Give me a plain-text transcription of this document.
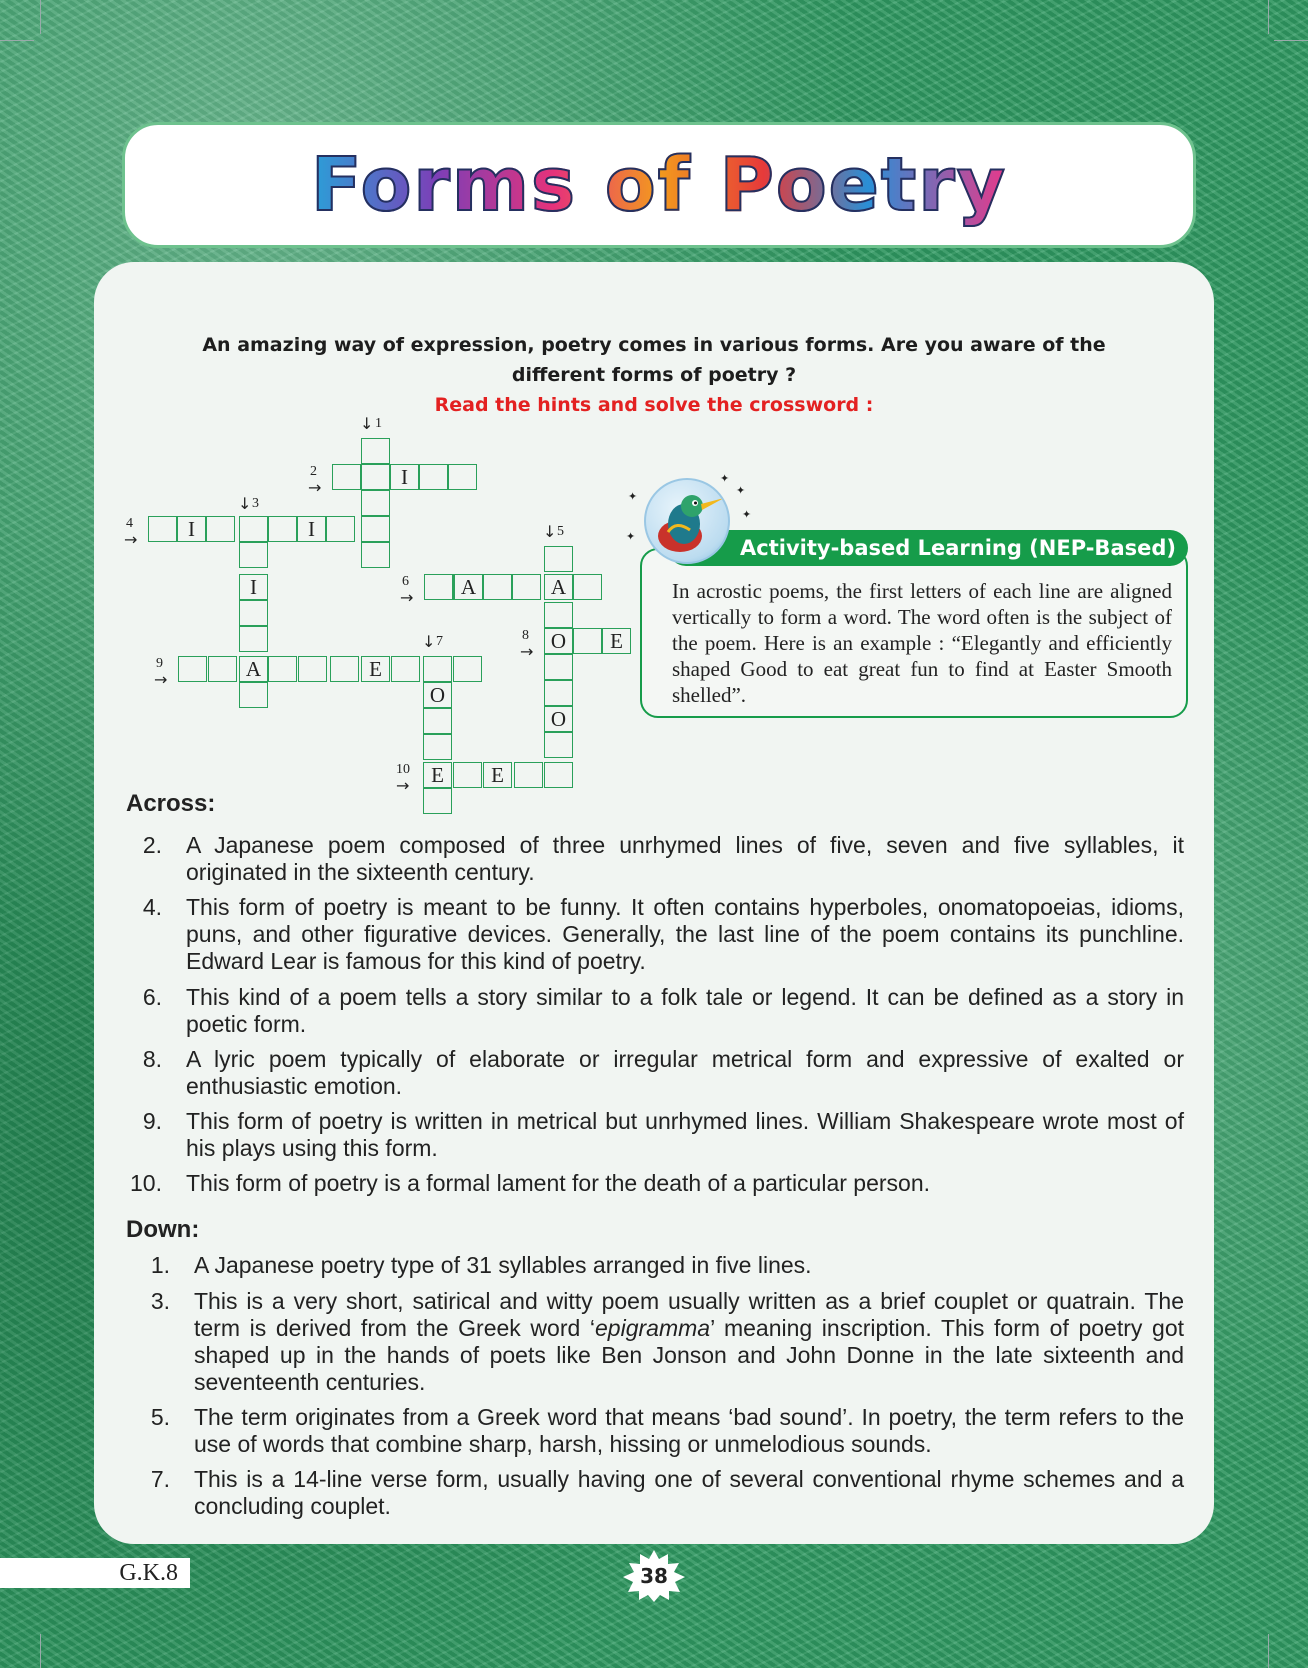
Forms of Poetry
An amazing way of expression, poetry comes in various forms. Are you aware of the
different forms of poetry ?
Read the hints and solve the crossword :
I
I	I
I
A	E
A	A
O
O
E
O
E	E
↓ 1
2
→
↓ 3
4
→	↓ 5
6
→
↓ 7	8
→
9
→
10
→
Activity-based Learning (NEP-Based)
✦
✦
✦
✦
✦
In acrostic poems, the first letters of each line are aligned vertically to form a word. The word often is the subject of the poem. Here is an example : “Elegantly and efficiently shaped Good to eat great fun to find at Easter Smooth shelled”.
Across:
2. A Japanese poem composed of three unrhymed lines of five, seven and five syllables, it originated in the sixteenth century.
4. This form of poetry is meant to be funny. It often contains hyperboles, onomatopoeias, idioms, puns, and other figurative devices. Generally, the last line of the poem contains its punchline. Edward Lear is famous for this kind of poetry.
6. This kind of a poem tells a story similar to a folk tale or legend. It can be defined as a story in poetic form.
8. A lyric poem typically of elaborate or irregular metrical form and expressive of exalted or enthusiastic emotion.
9. This form of poetry is written in metrical but unrhymed lines. William Shakespeare wrote most of his plays using this form.
10. This form of poetry is a formal lament for the death of a particular person.
Down:
1. A Japanese poetry type of 31 syllables arranged in five lines.
3. This is a very short, satirical and witty poem usually written as a brief couplet or quatrain. The term is derived from the Greek word ‘epigramma’ meaning inscription. This form of poetry got shaped up in the hands of poets like Ben Jonson and John Donne in the late sixteenth and seventeenth centuries.
5. The term originates from a Greek word that means ‘bad sound’. In poetry, the term refers to the use of words that combine sharp, harsh, hissing or unmelodious sounds.
7. This is a 14-line verse form, usually having one of several conventional rhyme schemes and a concluding couplet.
G.K.8	38
